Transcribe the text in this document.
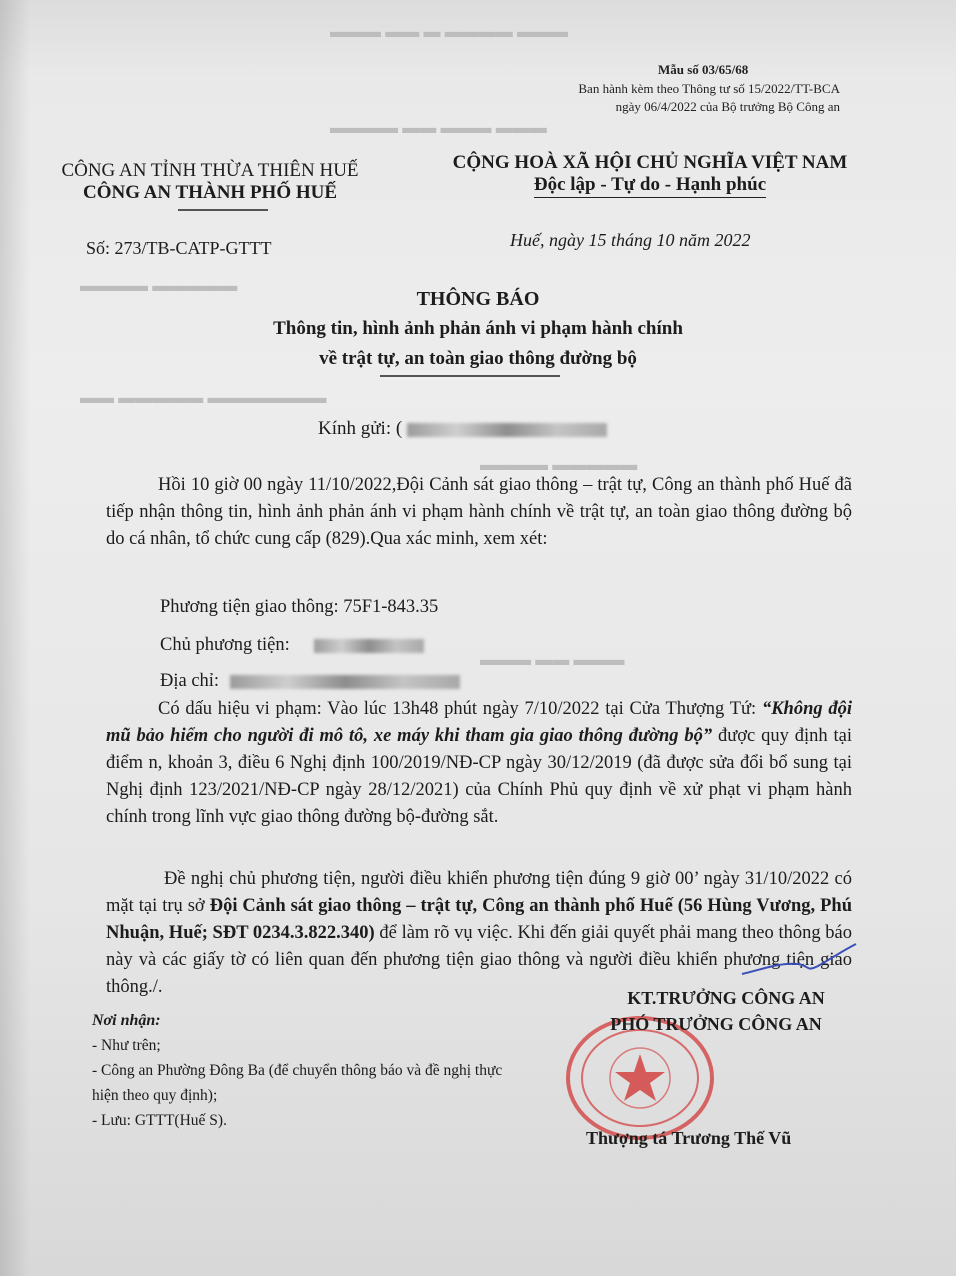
▬▬▬ ▬▬ ▬ ▬▬▬▬ ▬▬▬
▬▬▬▬ ▬▬ ▬▬▬ ▬▬▬
▬▬▬▬ ▬▬▬▬▬
▬▬ ▬▬▬▬▬ ▬▬▬▬▬▬▬
▬▬▬▬ ▬▬▬▬▬
▬▬▬ ▬▬ ▬▬▬
Mẫu số 03/65/68
Ban hành kèm theo Thông tư số 15/2022/TT-BCA
ngày 06/4/2022 của Bộ trưởng Bộ Công an
CÔNG AN TỈNH THỪA THIÊN HUẾ
CÔNG AN THÀNH PHỐ HUẾ
CỘNG HOÀ XÃ HỘI CHỦ NGHĨA VIỆT NAM
Độc lập - Tự do - Hạnh phúc
Số: 273/TB-CATP-GTTT	Huế, ngày 15 tháng 10 năm 2022
THÔNG BÁO
Thông tin, hình ảnh phản ánh vi phạm hành chính
về trật tự, an toàn giao thông đường bộ
Kính gửi: (
Hồi 10 giờ 00 ngày 11/10/2022,Đội Cảnh sát giao thông – trật tự, Công an thành phố Huế đã tiếp nhận thông tin, hình ảnh phản ánh vi phạm hành chính về trật tự, an toàn giao thông đường bộ do cá nhân, tổ chức cung cấp (829).Qua xác minh, xem xét:
Phương tiện giao thông: 75F1-843.35
Chủ phương tiện:
Địa chỉ:
Có dấu hiệu vi phạm: Vào lúc 13h48 phút ngày 7/10/2022 tại Cửa Thượng Tứ: “Không đội mũ bảo hiểm cho người đi mô tô, xe máy khi tham gia giao thông đường bộ” được quy định tại điểm n, khoản 3, điều 6 Nghị định 100/2019/NĐ-CP ngày 30/12/2019 (đã được sửa đổi bổ sung tại Nghị định 123/2021/NĐ-CP ngày 28/12/2021) của Chính Phủ quy định về xử phạt vi phạm hành chính trong lĩnh vực giao thông đường bộ-đường sắt.
Đề nghị chủ phương tiện, người điều khiển phương tiện đúng 9 giờ 00’ ngày 31/10/2022 có mặt tại trụ sở Đội Cảnh sát giao thông – trật tự, Công an thành phố Huế (56 Hùng Vương, Phú Nhuận, Huế; SĐT 0234.3.822.340) để làm rõ vụ việc. Khi đến giải quyết phải mang theo thông báo này và các giấy tờ có liên quan đến phương tiện giao thông và người điều khiển phương tiện giao thông./.
Nơi nhận:
- Như trên;
- Công an Phường Đông Ba (để chuyển thông báo và đề nghị thực hiện theo quy định);
- Lưu: GTTT(Huế S).
KT.TRƯỞNG CÔNG AN
PHÓ TRƯỞNG CÔNG AN
Thượng tá Trương Thế Vũ
